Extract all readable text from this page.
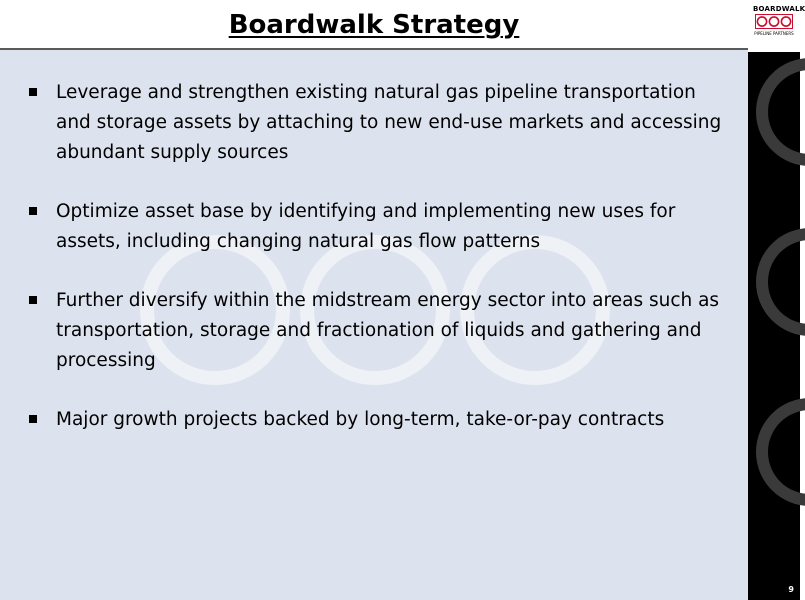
Boardwalk Strategy
Leverage and strengthen existing natural gas pipeline transportation and storage assets by attaching to new end-use markets and accessing abundant supply sources
Optimize asset base by identifying and implementing new uses for assets, including changing natural gas flow patterns
Further diversify within the midstream energy sector into areas such as transportation, storage and fractionation of liquids and gathering and processing
Major growth projects backed by long-term, take-or-pay contracts
BOARDWALK
PIPELINE PARTNERS
9
